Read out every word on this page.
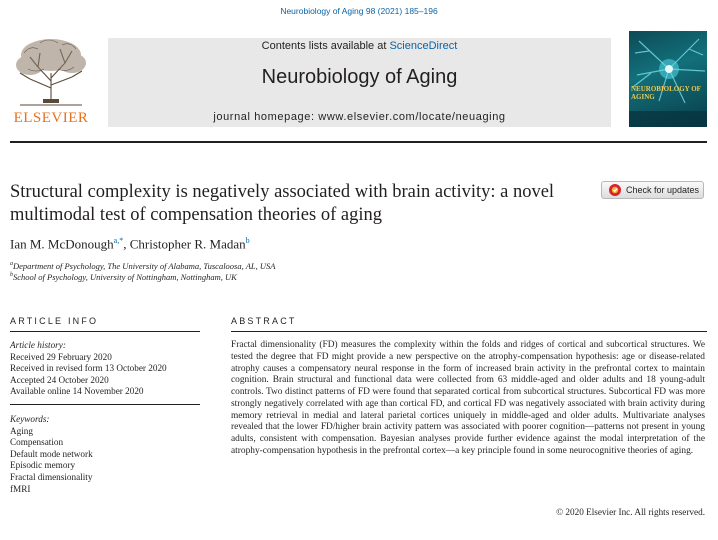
Neurobiology of Aging 98 (2021) 185–196
ELSEVIER
Contents lists available at ScienceDirect
Neurobiology of Aging
journal homepage: www.elsevier.com/locate/neuaging
NEUROBIOLOGY OF AGING
Structural complexity is negatively associated with brain activity: a novel multimodal test of compensation theories of aging
Check for updates
Ian M. McDonough$^{a,*}$, Christopher R. Madan$^b$
$^a$Department of Psychology, The University of Alabama, Tuscaloosa, AL, USA
$^b$School of Psychology, University of Nottingham, Nottingham, UK
ARTICLE INFO	ABSTRACT
Article history:
Received 29 February 2020
Received in revised form 13 October 2020
Accepted 24 October 2020
Available online 14 November 2020
Keywords:
Aging
Compensation
Default mode network
Episodic memory
Fractal dimensionality
fMRI
Fractal dimensionality (FD) measures the complexity within the folds and ridges of cortical and subcortical structures. We tested the degree that FD might provide a new perspective on the atrophy-compensation hypothesis: age or disease-related atrophy causes a compensatory neural response in the form of increased brain activity in the prefrontal cortex to maintain cognition. Brain structural and functional data were collected from 63 middle-aged and older adults and 18 young-adult controls. Two distinct patterns of FD were found that separated cortical from subcortical structures. Subcortical FD was more strongly negatively correlated with age than cortical FD, and cortical FD was negatively associated with brain activity during memory retrieval in medial and lateral parietal cortices uniquely in middle-aged and older adults. Multivariate analyses revealed that the lower FD/higher brain activity pattern was associated with poorer cognition—patterns not present in young adults, consistent with compensation. Bayesian analyses provide further evidence against the modal interpretation of the atrophy-compensation hypothesis in the prefrontal cortex—a key principle found in some neurocognitive theories of aging.
© 2020 Elsevier Inc. All rights reserved.
